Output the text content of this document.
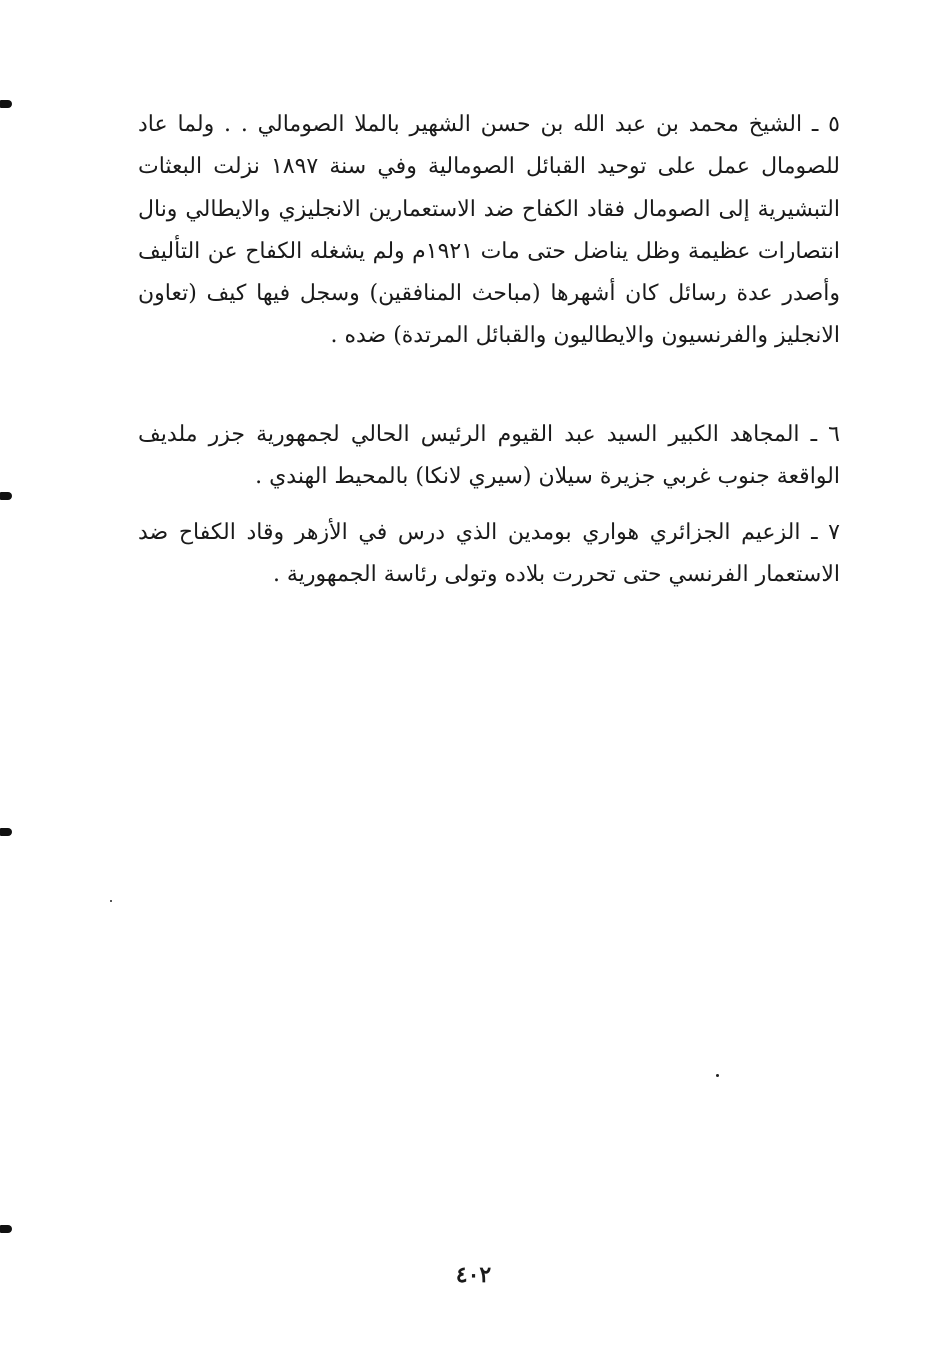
٥ ـ الشيخ محمد بن عبد الله بن حسن الشهير بالملا الصومالي . . ولما عاد للصومال عمل على توحيد القبائل الصومالية وفي سنة ١٨٩٧ نزلت البعثات التبشيرية إلى الصومال فقاد الكفاح ضد الاستعمارين الانجليزي والايطالي ونال انتصارات عظيمة وظل يناضل حتى مات ١٩٢١م ولم يشغله الكفاح عن التأليف وأصدر عدة رسائل كان أشهرها (مباحث المنافقين) وسجل فيها كيف (تعاون الانجليز والفرنسيون والايطاليون والقبائل المرتدة) ضده .
٦ ـ المجاهد الكبير السيد عبد القيوم الرئيس الحالي لجمهورية جزر ملديف الواقعة جنوب غربي جزيرة سيلان (سيري لانكا) بالمحيط الهندي .
٧ ـ الزعيم الجزائري هواري بومدين الذي درس في الأزهر وقاد الكفاح ضد الاستعمار الفرنسي حتى تحررت بلاده وتولى رئاسة الجمهورية .
٤٠٢
